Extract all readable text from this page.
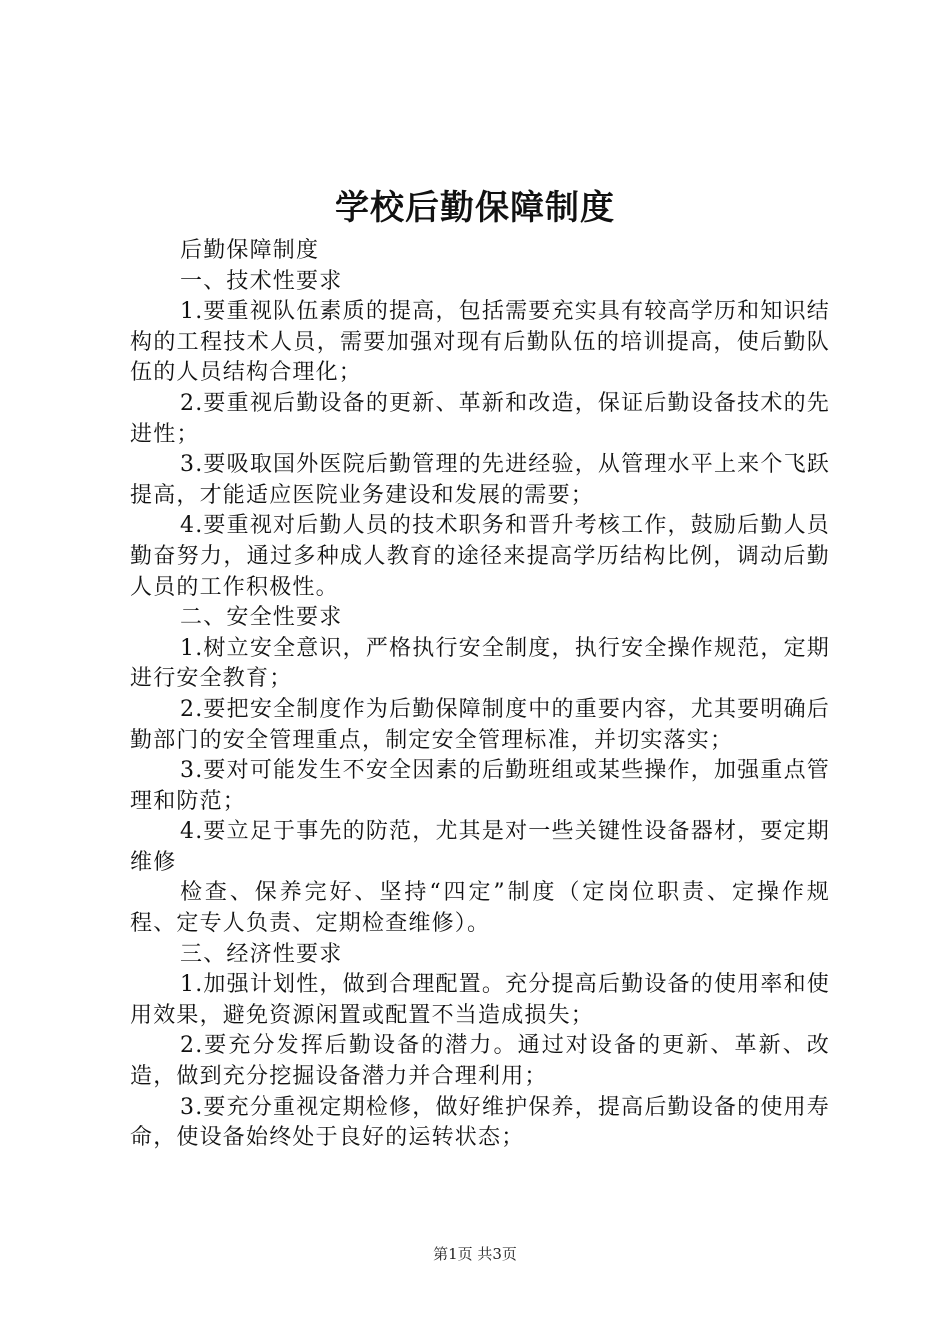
学校后勤保障制度

后勤保障制度

一、技术性要求

1.要重视队伍素质的提高，包括需要充实具有较高学历和知识结构的工程技术人员，需要加强对现有后勤队伍的培训提高，使后勤队伍的人员结构合理化；

2.要重视后勤设备的更新、革新和改造，保证后勤设备技术的先进性；

3.要吸取国外医院后勤管理的先进经验，从管理水平上来个飞跃提高，才能适应医院业务建设和发展的需要；

4.要重视对后勤人员的技术职务和晋升考核工作，鼓励后勤人员勤奋努力，通过多种成人教育的途径来提高学历结构比例，调动后勤人员的工作积极性。

二、安全性要求

1.树立安全意识，严格执行安全制度，执行安全操作规范，定期进行安全教育；

2.要把安全制度作为后勤保障制度中的重要内容，尤其要明确后勤部门的安全管理重点，制定安全管理标准，并切实落实；

3.要对可能发生不安全因素的后勤班组或某些操作，加强重点管理和防范；

4.要立足于事先的防范，尤其是对一些关键性设备器材，要定期维修

检查、保养完好、坚持“四定”制度（定岗位职责、定操作规程、定专人负责、定期检查维修）。

三、经济性要求

1.加强计划性，做到合理配置。充分提高后勤设备的使用率和使用效果，避免资源闲置或配置不当造成损失；

2.要充分发挥后勤设备的潜力。通过对设备的更新、革新、改造，做到充分挖掘设备潜力并合理利用；

3.要充分重视定期检修，做好维护保养，提高后勤设备的使用寿命，使设备始终处于良好的运转状态；

第1页 共3页
